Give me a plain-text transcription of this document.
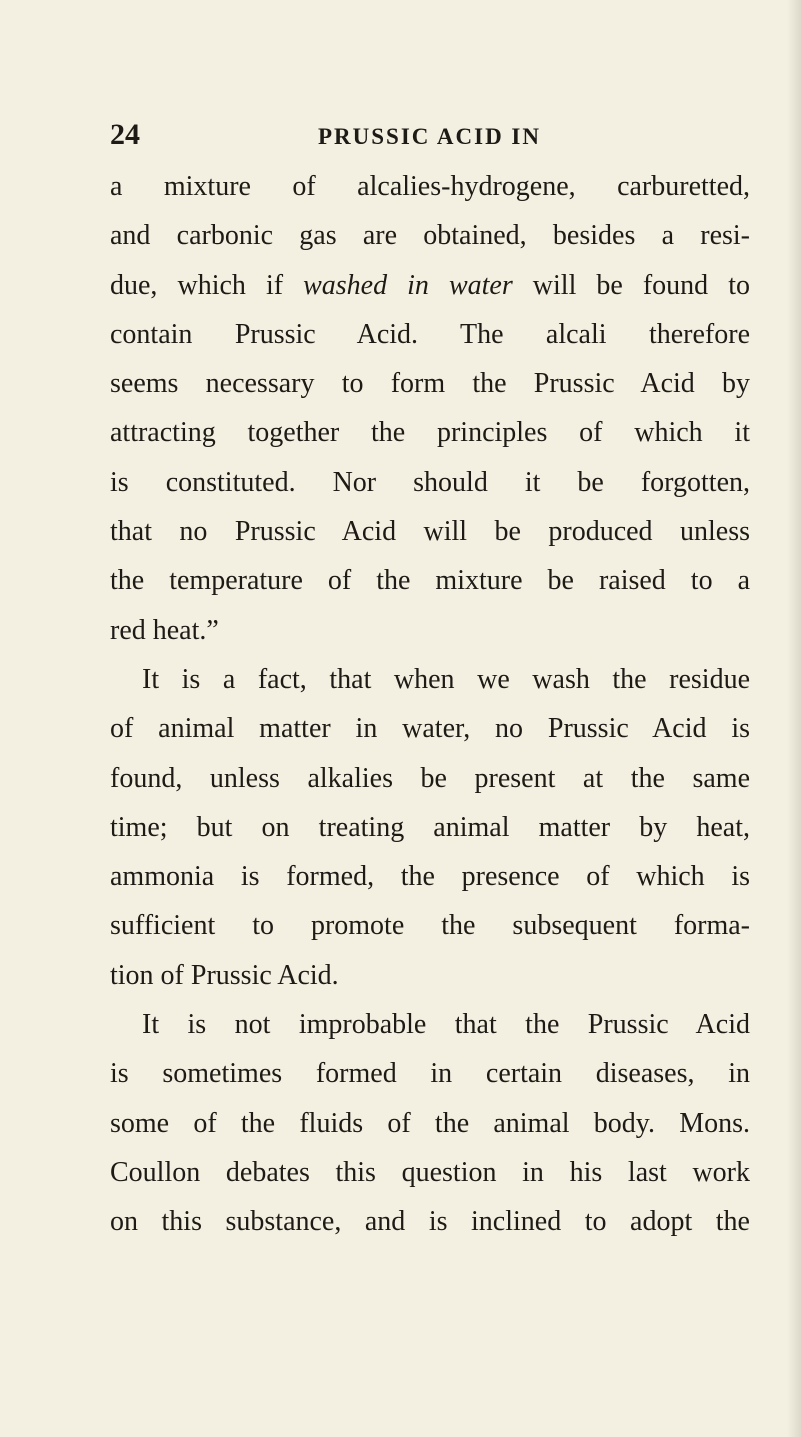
24	PRUSSIC ACID IN
a mixture of alcalies-hydrogene, carburetted,
and carbonic gas are obtained, besides a resi-
due, which if washed in water will be found to
contain Prussic Acid. The alcali therefore
seems necessary to form the Prussic Acid by
attracting together the principles of which it
is constituted. Nor should it be forgotten,
that no Prussic Acid will be produced unless
the temperature of the mixture be raised to a
red heat.”
It is a fact, that when we wash the residue
of animal matter in water, no Prussic Acid is
found, unless alkalies be present at the same
time; but on treating animal matter by heat,
ammonia is formed, the presence of which is
sufficient to promote the subsequent forma-
tion of Prussic Acid.
It is not improbable that the Prussic Acid
is sometimes formed in certain diseases, in
some of the fluids of the animal body. Mons.
Coullon debates this question in his last work
on this substance, and is inclined to adopt the
